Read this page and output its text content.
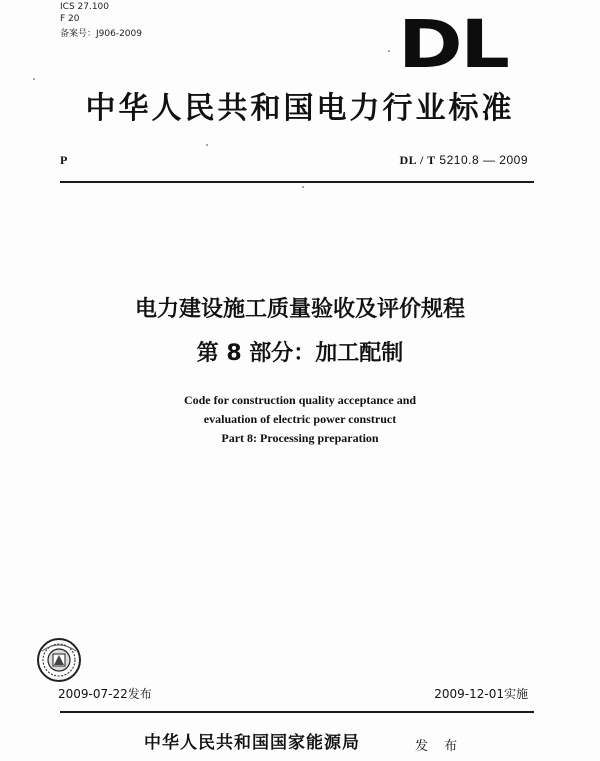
ICS 27.100
F 20
备案号：J906-2009	DL
中华人民共和国电力行业标准
P	DL / T 5210.8 — 2009
电力建设施工质量验收及评价规程
第 8 部分：加工配制
Code for construction quality acceptance and
evaluation of electric power construct
Part 8: Processing preparation
2009-07-22发布	2009-12-01实施
中华人民共和国国家能源局	发 布
